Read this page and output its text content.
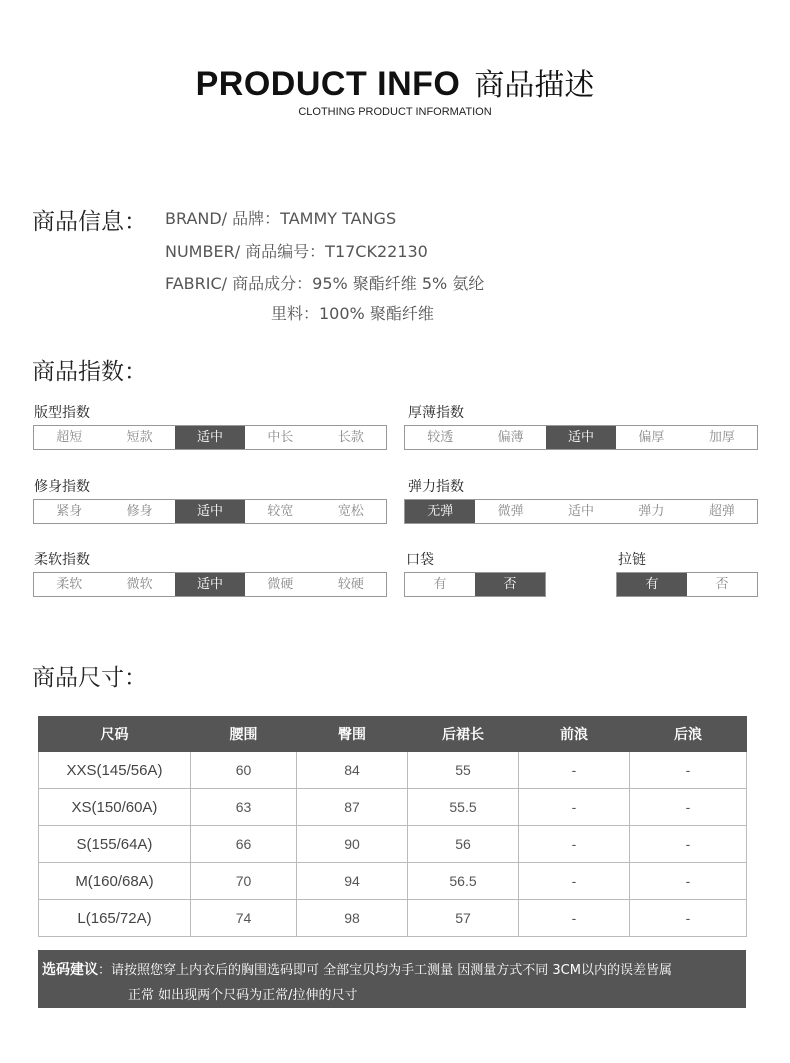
PRODUCT INFO 商品描述
CLOTHING PRODUCT INFORMATION
商品信息： BRAND/ 品牌：TAMMY TANGS
NUMBER/ 商品编号：T17CK22130
FABRIC/ 商品成分：95% 聚酯纤维 5% 氨纶
里料：100% 聚酯纤维
商品指数：
版型指数
超短	短款	适中	中长	长款
厚薄指数
较透	偏薄	适中	偏厚	加厚
修身指数
紧身	修身	适中	较宽	宽松
弹力指数
无弹	微弹	适中	弹力	超弹
柔软指数
柔软	微软	适中	微硬	较硬
口袋
有	否
拉链
有	否
商品尺寸：
尺码	腰围	臀围	后裙长	前浪	后浪
XXS(145/56A)	60	84	55	-	-
XS(150/60A)	63	87	55.5	-	-
S(155/64A)	66	90	56	-	-
M(160/68A)	70	94	56.5	-	-
L(165/72A)	74	98	57	-	-
选码建议：请按照您穿上内衣后的胸围选码即可 全部宝贝均为手工测量 因测量方式不同 3CM以内的误差皆属
正常 如出现两个尺码为正常/拉伸的尺寸
